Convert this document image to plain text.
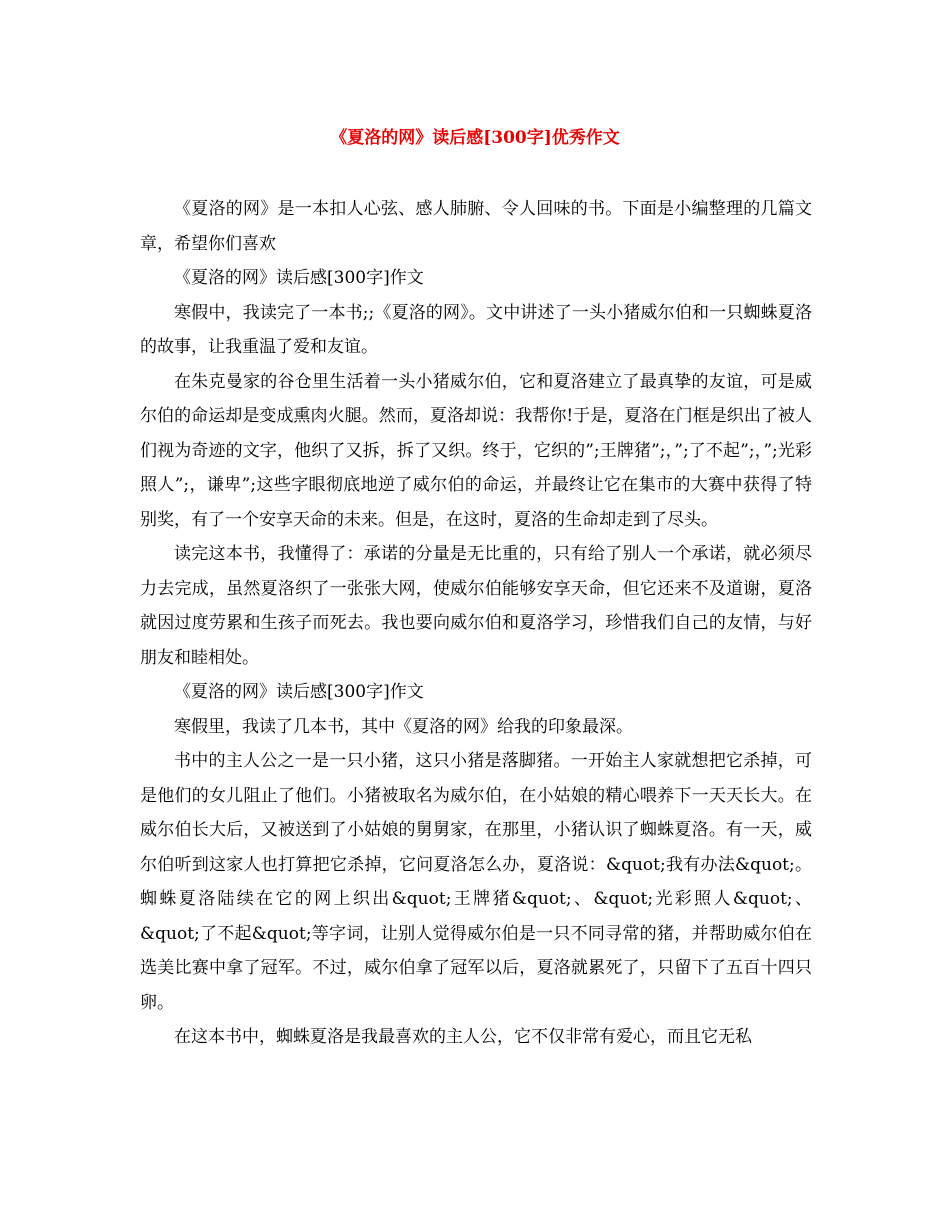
《夏洛的网》读后感[300字]优秀作文

《夏洛的网》是一本扣人心弦、感人肺腑、令人回味的书。下面是小编整理的几篇文章，希望你们喜欢

《夏洛的网》读后感[300字]作文

寒假中，我读完了一本书;;《夏洛的网》。文中讲述了一头小猪威尔伯和一只蜘蛛夏洛的故事，让我重温了爱和友谊。

在朱克曼家的谷仓里生活着一头小猪威尔伯，它和夏洛建立了最真挚的友谊，可是威尔伯的命运却是变成熏肉火腿。然而，夏洛却说：我帮你!于是，夏洛在门框是织出了被人们视为奇迹的文字，他织了又拆，拆了又织。终于，它织的”;王牌猪”;，”;了不起”;，”;光彩照人”;，谦卑”;这些字眼彻底地逆了威尔伯的命运，并最终让它在集市的大赛中获得了特别奖，有了一个安享天命的未来。但是，在这时，夏洛的生命却走到了尽头。

读完这本书，我懂得了：承诺的分量是无比重的，只有给了别人一个承诺，就必须尽力去完成，虽然夏洛织了一张张大网，使威尔伯能够安享天命，但它还来不及道谢，夏洛就因过度劳累和生孩子而死去。我也要向威尔伯和夏洛学习，珍惜我们自己的友情，与好朋友和睦相处。

《夏洛的网》读后感[300字]作文

寒假里，我读了几本书，其中《夏洛的网》给我的印象最深。

书中的主人公之一是一只小猪，这只小猪是落脚猪。一开始主人家就想把它杀掉，可是他们的女儿阻止了他们。小猪被取名为威尔伯，在小姑娘的精心喂养下一天天长大。在威尔伯长大后，又被送到了小姑娘的舅舅家，在那里，小猪认识了蜘蛛夏洛。有一天，威尔伯听到这家人也打算把它杀掉，它问夏洛怎么办，夏洛说：&quot;我有办法&quot;。蜘蛛夏洛陆续在它的网上织出&quot;王牌猪&quot;、&quot;光彩照人&quot;、&quot;了不起&quot;等字词，让别人觉得威尔伯是一只不同寻常的猪，并帮助威尔伯在选美比赛中拿了冠军。不过，威尔伯拿了冠军以后，夏洛就累死了，只留下了五百十四只卵。

在这本书中，蜘蛛夏洛是我最喜欢的主人公，它不仅非常有爱心，而且它无私
